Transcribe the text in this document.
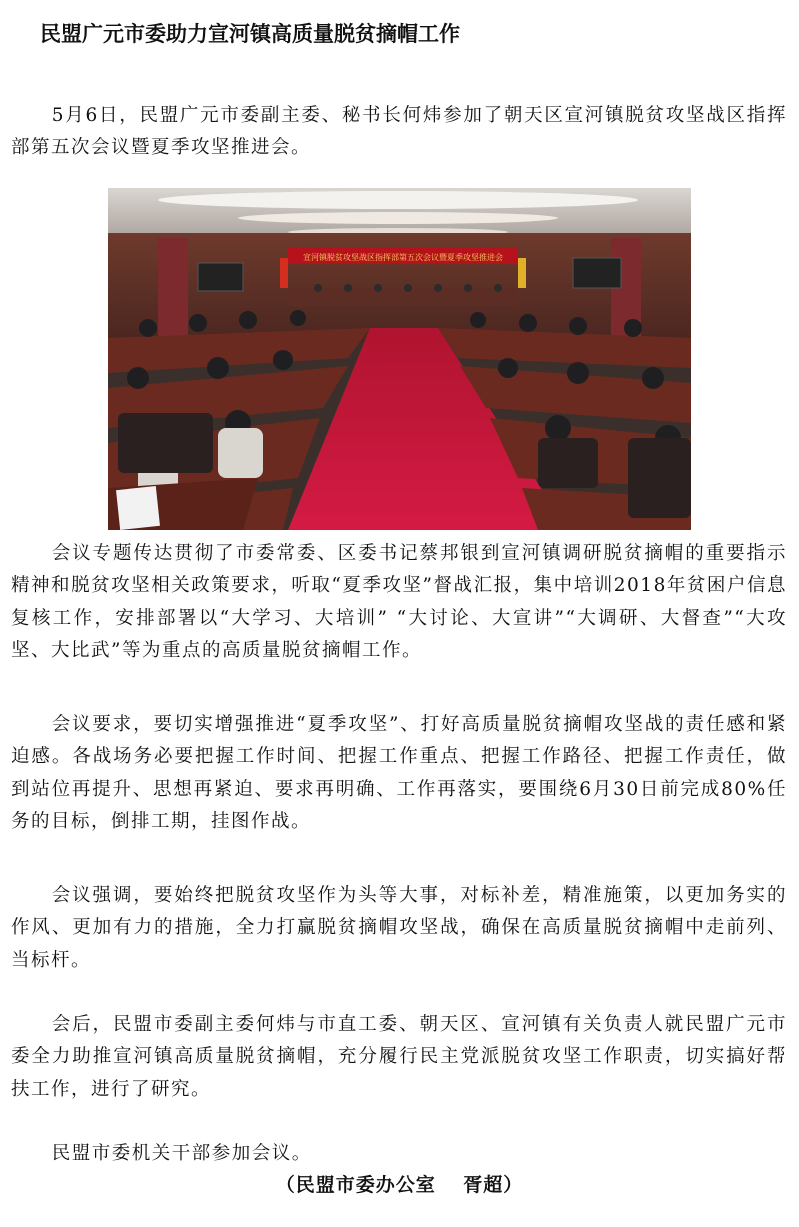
民盟广元市委助力宣河镇高质量脱贫摘帽工作

5月6日，民盟广元市委副主委、秘书长何炜参加了朝天区宣河镇脱贫攻坚战区指挥部第五次会议暨夏季攻坚推进会。

宣河镇脱贫攻坚战区指挥部第五次会议暨夏季攻坚推进会

会议专题传达贯彻了市委常委、区委书记蔡邦银到宣河镇调研脱贫摘帽的重要指示精神和脱贫攻坚相关政策要求，听取“夏季攻坚”督战汇报，集中培训2018年贫困户信息复核工作，安排部署以“大学习、大培训” “大讨论、大宣讲”“大调研、大督查”“大攻坚、大比武”等为重点的高质量脱贫摘帽工作。

会议要求，要切实增强推进“夏季攻坚”、打好高质量脱贫摘帽攻坚战的责任感和紧迫感。各战场务必要把握工作时间、把握工作重点、把握工作路径、把握工作责任，做到站位再提升、思想再紧迫、要求再明确、工作再落实，要围绕6月30日前完成80%任务的目标，倒排工期，挂图作战。

会议强调，要始终把脱贫攻坚作为头等大事，对标补差，精准施策，以更加务实的作风、更加有力的措施，全力打赢脱贫摘帽攻坚战，确保在高质量脱贫摘帽中走前列、当标杆。

会后，民盟市委副主委何炜与市直工委、朝天区、宣河镇有关负责人就民盟广元市委全力助推宣河镇高质量脱贫摘帽，充分履行民主党派脱贫攻坚工作职责，切实搞好帮扶工作，进行了研究。

民盟市委机关干部参加会议。

（民盟市委办公室　 胥超）
